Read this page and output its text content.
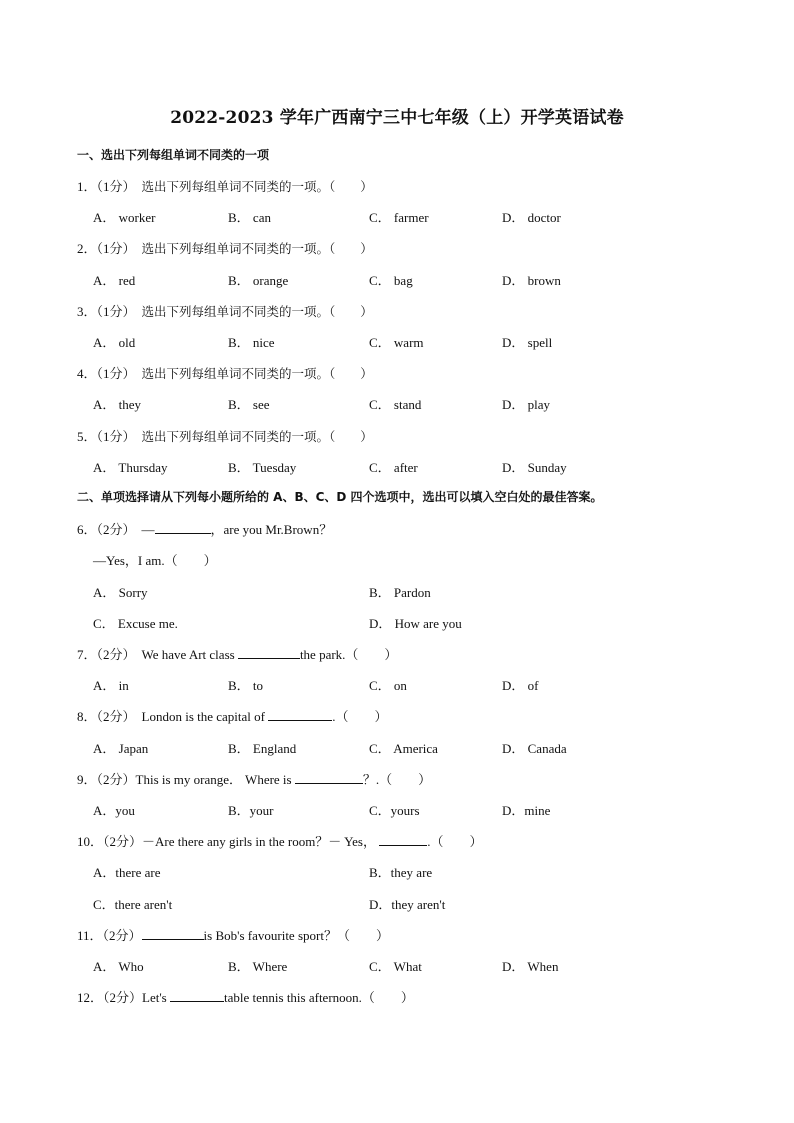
2022-2023 学年广西南宁三中七年级（上）开学英语试卷
一、选出下列每组单词不同类的一项
1．（1分） 选出下列每组单词不同类的一项。（　　）
A． worker	B． can	C． farmer	D． doctor
2．（1分） 选出下列每组单词不同类的一项。（　　）
A． red	B． orange	C． bag	D． brown
3．（1分） 选出下列每组单词不同类的一项。（　　）
A． old	B． nice	C． warm	D． spell
4．（1分） 选出下列每组单词不同类的一项。（　　）
A． they	B． see	C． stand	D． play
5．（1分） 选出下列每组单词不同类的一项。（　　）
A． Thursday	B． Tuesday	C． after	D． Sunday
二、单项选择请从下列每小题所给的 A、B、C、D 四个选项中，选出可以填入空白处的最佳答案。
6．（2分） —	，are you Mr.Brown？
—Yes，I am.（　　）
A． Sorry	B． Pardon
C． Excuse me.	D． How are you
7．（2分） We have Art class	the park.（　　）
A． in	B． to	C． on	D． of
8．（2分） London is the capital of	.（　　）
A． Japan	B． England	C． America	D． Canada
9．（2分）This is my orange． Where is	？.（　　）
A．you	B．your	C．yours	D．mine
10．（2分）－Are there any girls in the room？－ Yes，	.（　　）
A．there are	B．they are
C．there aren't	D．they aren't
11．（2分）	is Bob's favourite sport？（　　）
A． Who	B． Where	C． What	D． When
12．（2分）Let's	table tennis this afternoon.（　　）
